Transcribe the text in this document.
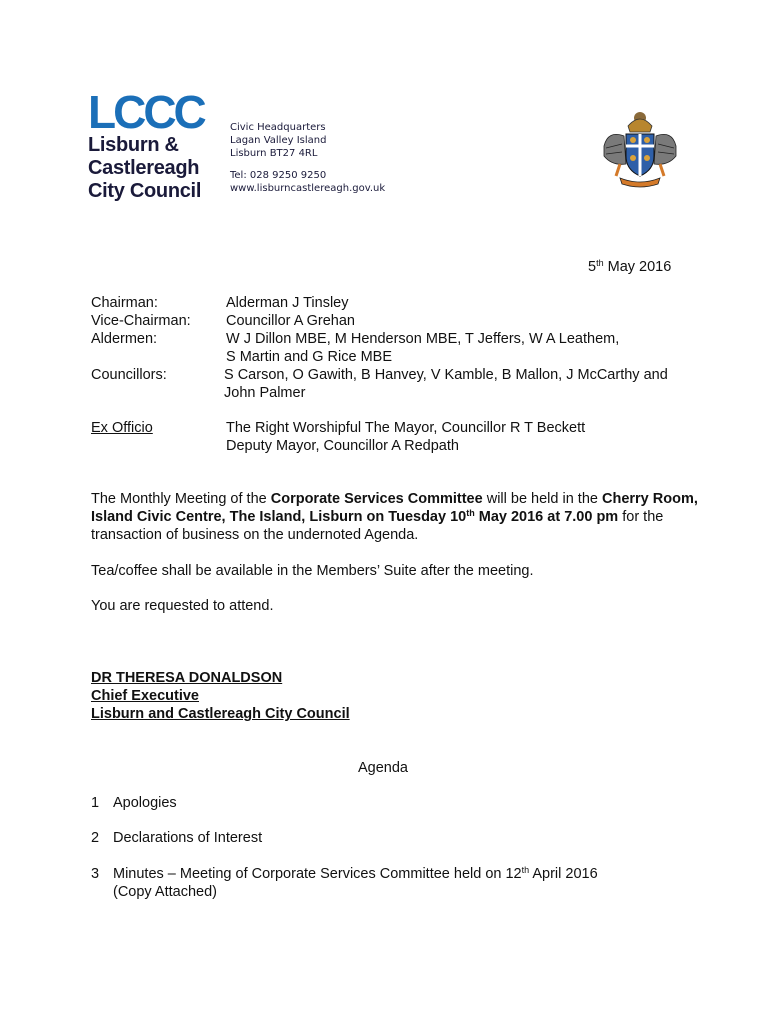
LCCC
Lisburn &
Castlereagh
City Council
Civic Headquarters
Lagan Valley Island
Lisburn BT27 4RL
Tel: 028 9250 9250
www.lisburncastlereagh.gov.uk
5th May 2016
Chairman:	Alderman J Tinsley
Vice-Chairman: Councillor A Grehan
Aldermen:	W J Dillon MBE, M Henderson MBE, T Jeffers, W A Leathem,
S Martin and G Rice MBE
Councillors:	S Carson, O Gawith, B Hanvey, V Kamble, B Mallon, J McCarthy and
John Palmer
Ex Officio	The Right Worshipful The Mayor, Councillor R T Beckett
Deputy Mayor, Councillor A Redpath
The Monthly Meeting of the Corporate Services Committee will be held in the Cherry Room, Island Civic Centre, The Island, Lisburn on Tuesday 10th May 2016 at 7.00 pm for the transaction of business on the undernoted Agenda.
Tea/coffee shall be available in the Members’ Suite after the meeting.
You are requested to attend.
DR THERESA DONALDSON
Chief Executive
Lisburn and Castlereagh City Council
Agenda
1 Apologies
2 Declarations of Interest
3 Minutes – Meeting of Corporate Services Committee held on 12th April 2016
(Copy Attached)
